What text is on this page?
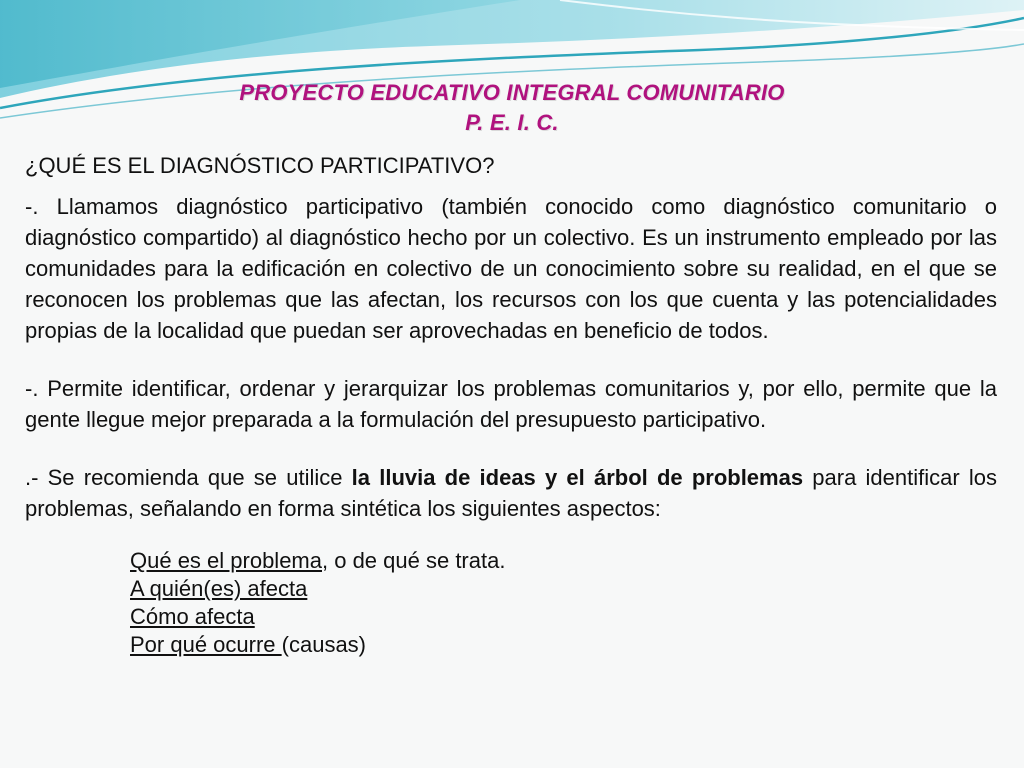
PROYECTO EDUCATIVO INTEGRAL COMUNITARIO
P. E. I. C.
¿QUÉ ES EL DIAGNÓSTICO PARTICIPATIVO?
-. Llamamos diagnóstico participativo (también conocido como diagnóstico comunitario o diagnóstico compartido) al diagnóstico hecho por un colectivo. Es un instrumento empleado por las comunidades para la edificación en colectivo de un conocimiento sobre su realidad, en el que se reconocen los problemas que las afectan, los recursos con los que cuenta y las potencialidades propias de la localidad que puedan ser aprovechadas en beneficio de todos.
-. Permite identificar, ordenar y jerarquizar los problemas comunitarios y, por ello, permite que la gente llegue mejor preparada a la formulación del presupuesto participativo.
.- Se recomienda que se utilice la lluvia de ideas y el árbol de problemas para identificar los problemas, señalando en forma sintética los siguientes aspectos:
Qué es el problema, o de qué se trata.
A quién(es) afecta
Cómo afecta
Por qué ocurre (causas)
